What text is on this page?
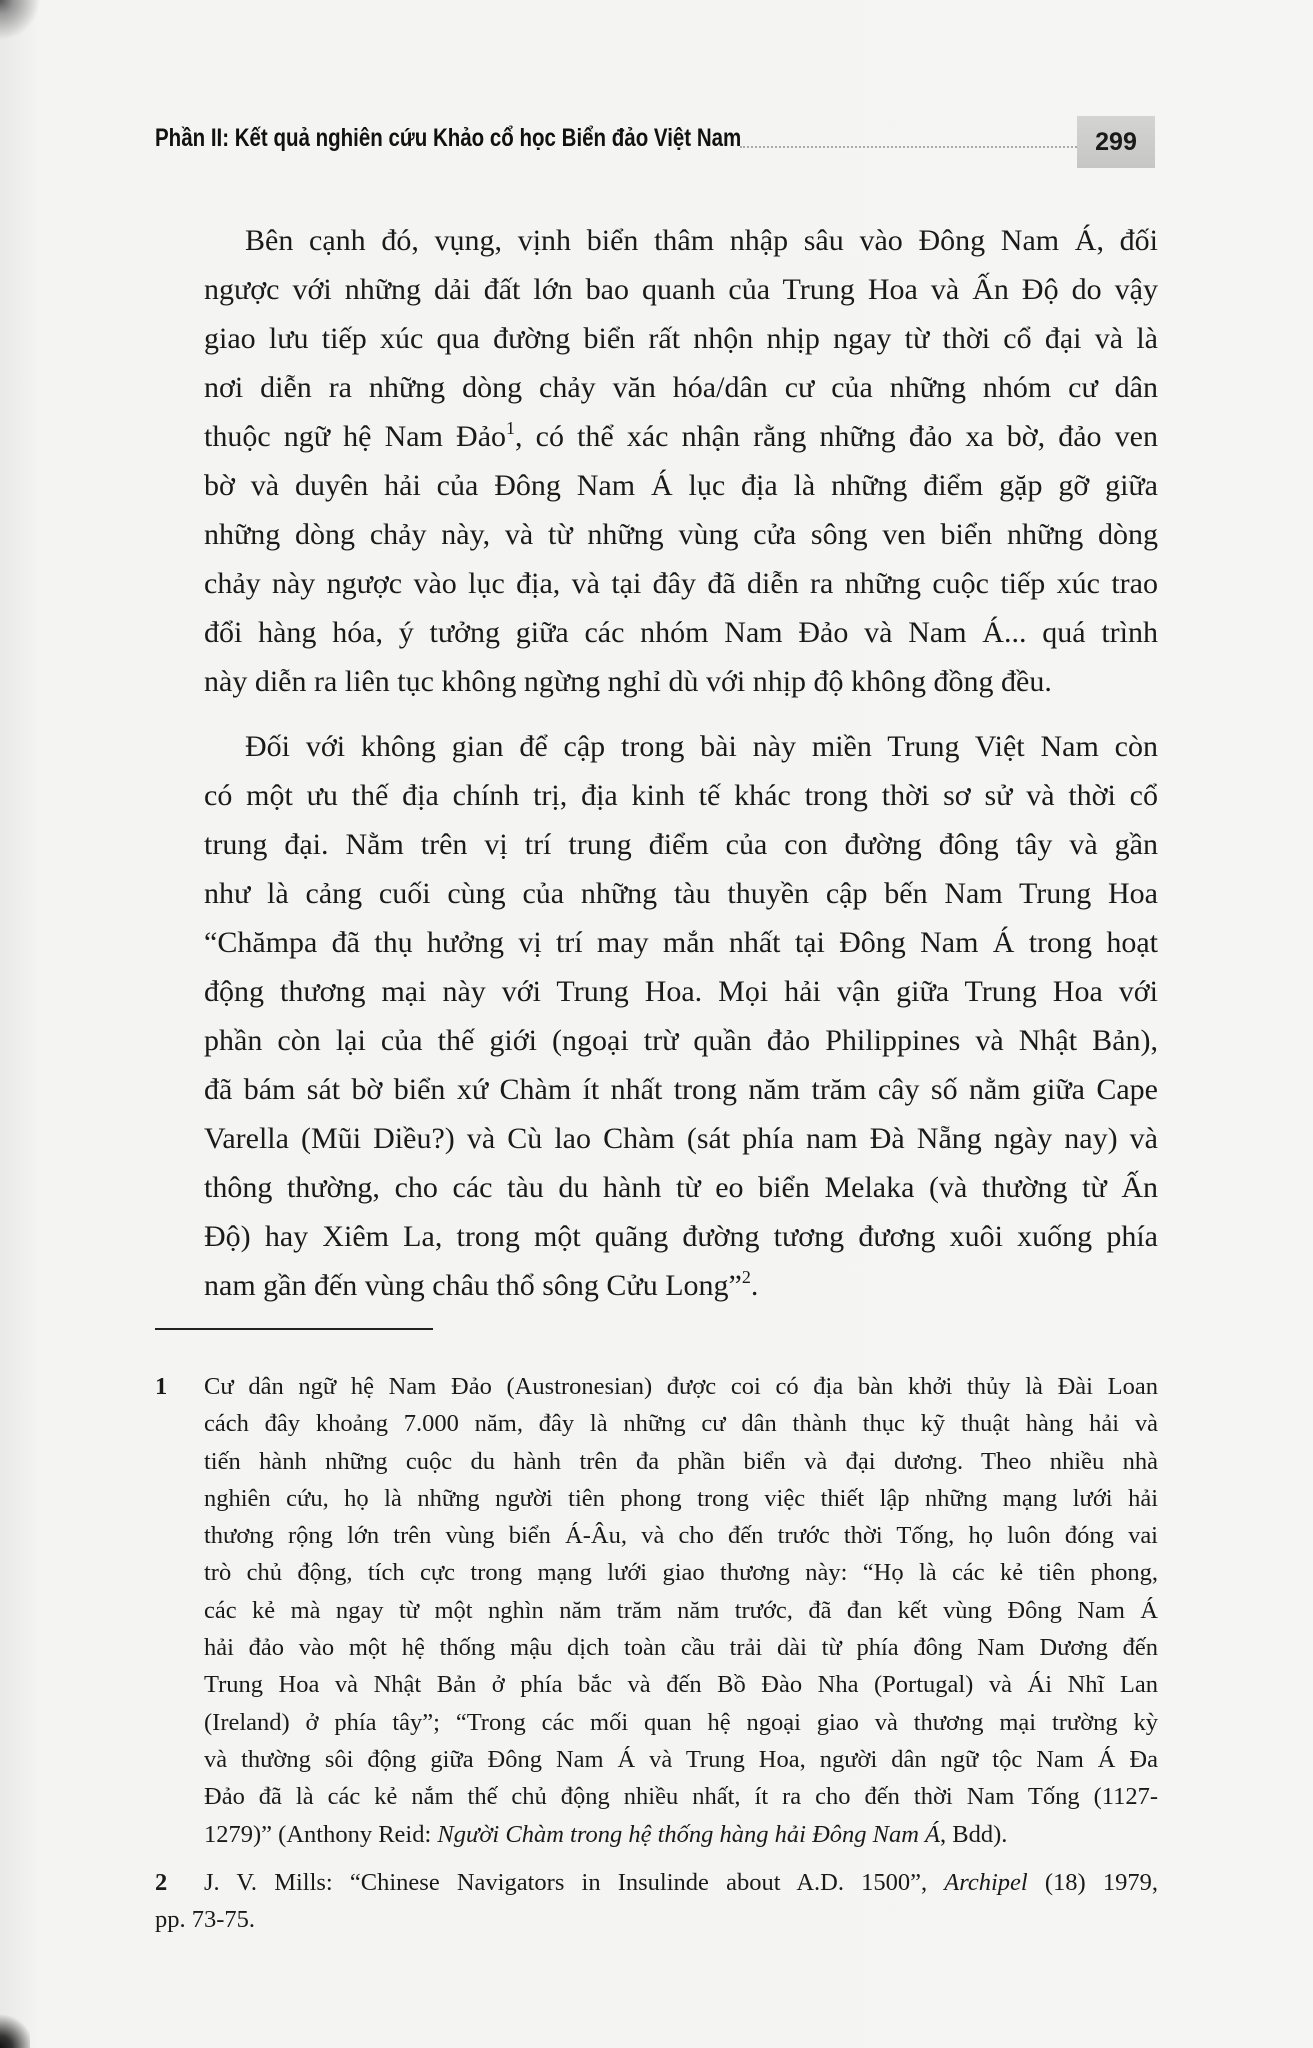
Phần II: Kết quả nghiên cứu Khảo cổ học Biển đảo Việt Nam	299
Bên cạnh đó, vụng, vịnh biển thâm nhập sâu vào Đông Nam Á, đối
ngược với những dải đất lớn bao quanh của Trung Hoa và Ấn Độ do vậy
giao lưu tiếp xúc qua đường biển rất nhộn nhịp ngay từ thời cổ đại và là
nơi diễn ra những dòng chảy văn hóa/dân cư của những nhóm cư dân
thuộc ngữ hệ Nam Đảo$^1$, có thể xác nhận rằng những đảo xa bờ, đảo ven
bờ và duyên hải của Đông Nam Á lục địa là những điểm gặp gỡ giữa
những dòng chảy này, và từ những vùng cửa sông ven biển những dòng
chảy này ngược vào lục địa, và tại đây đã diễn ra những cuộc tiếp xúc trao
đổi hàng hóa, ý tưởng giữa các nhóm Nam Đảo và Nam Á... quá trình
này diễn ra liên tục không ngừng nghỉ dù với nhịp độ không đồng đều.
Đối với không gian để cập trong bài này miền Trung Việt Nam còn
có một ưu thế địa chính trị, địa kinh tế khác trong thời sơ sử và thời cổ
trung đại. Nằm trên vị trí trung điểm của con đường đông tây và gần
như là cảng cuối cùng của những tàu thuyền cập bến Nam Trung Hoa
“Chămpa đã thụ hưởng vị trí may mắn nhất tại Đông Nam Á trong hoạt
động thương mại này với Trung Hoa. Mọi hải vận giữa Trung Hoa với
phần còn lại của thế giới (ngoại trừ quần đảo Philippines và Nhật Bản),
đã bám sát bờ biển xứ Chàm ít nhất trong năm trăm cây số nằm giữa Cape
Varella (Mũi Diều?) và Cù lao Chàm (sát phía nam Đà Nẵng ngày nay) và
thông thường, cho các tàu du hành từ eo biển Melaka (và thường từ Ấn
Độ) hay Xiêm La, trong một quãng đường tương đương xuôi xuống phía
nam gần đến vùng châu thổ sông Cửu Long”$^2$.
1 Cư dân ngữ hệ Nam Đảo (Austronesian) được coi có địa bàn khởi thủy là Đài Loan
cách đây khoảng 7.000 năm, đây là những cư dân thành thục kỹ thuật hàng hải và
tiến hành những cuộc du hành trên đa phần biển và đại dương. Theo nhiều nhà
nghiên cứu, họ là những người tiên phong trong việc thiết lập những mạng lưới hải
thương rộng lớn trên vùng biển Á-Âu, và cho đến trước thời Tống, họ luôn đóng vai
trò chủ động, tích cực trong mạng lưới giao thương này: “Họ là các kẻ tiên phong,
các kẻ mà ngay từ một nghìn năm trăm năm trước, đã đan kết vùng Đông Nam Á
hải đảo vào một hệ thống mậu dịch toàn cầu trải dài từ phía đông Nam Dương đến
Trung Hoa và Nhật Bản ở phía bắc và đến Bồ Đào Nha (Portugal) và Ái Nhĩ Lan
(Ireland) ở phía tây”; “Trong các mối quan hệ ngoại giao và thương mại trường kỳ
và thường sôi động giữa Đông Nam Á và Trung Hoa, người dân ngữ tộc Nam Á Đa
Đảo đã là các kẻ nắm thế chủ động nhiều nhất, ít ra cho đến thời Nam Tống (1127-
1279)” (Anthony Reid: Người Chàm trong hệ thống hàng hải Đông Nam Á, Bdd).
2 J. V. Mills: “Chinese Navigators in Insulinde about A.D. 1500”, Archipel (18) 1979,
pp. 73-75.
